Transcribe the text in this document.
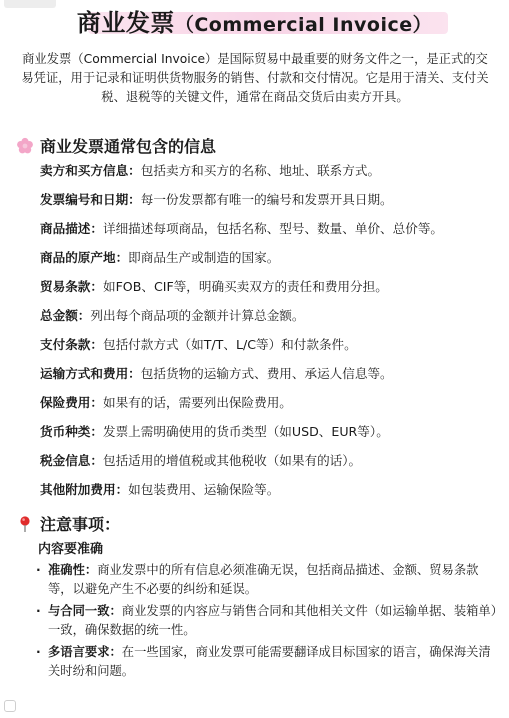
商业发票（Commercial Invoice）
商业发票（Commercial Invoice）是国际贸易中最重要的财务文件之一，是正式的交易凭证，用于记录和证明供货物服务的销售、付款和交付情况。它是用于清关、支付关税、退税等的关键文件，通常在商品交货后由卖方开具。
商业发票通常包含的信息
卖方和买方信息：包括卖方和买方的名称、地址、联系方式。
发票编号和日期：每一份发票都有唯一的编号和发票开具日期。
商品描述：详细描述每项商品，包括名称、型号、数量、单价、总价等。
商品的原产地：即商品生产或制造的国家。
贸易条款：如FOB、CIF等，明确买卖双方的责任和费用分担。
总金额：列出每个商品项的金额并计算总金额。
支付条款：包括付款方式（如T/T、L/C等）和付款条件。
运输方式和费用：包括货物的运输方式、费用、承运人信息等。
保险费用：如果有的话，需要列出保险费用。
货币种类：发票上需明确使用的货币类型（如USD、EUR等）。
税金信息：包括适用的增值税或其他税收（如果有的话）。
其他附加费用：如包装费用、运输保险等。
注意事项：
内容要准确
· 准确性：商业发票中的所有信息必须准确无误，包括商品描述、金额、贸易条款等，以避免产生不必要的纠纷和延误。
· 与合同一致：商业发票的内容应与销售合同和其他相关文件（如运输单据、装箱单）一致，确保数据的统一性。
· 多语言要求：在一些国家，商业发票可能需要翻译成目标国家的语言，确保海关清关时纷和问题。
